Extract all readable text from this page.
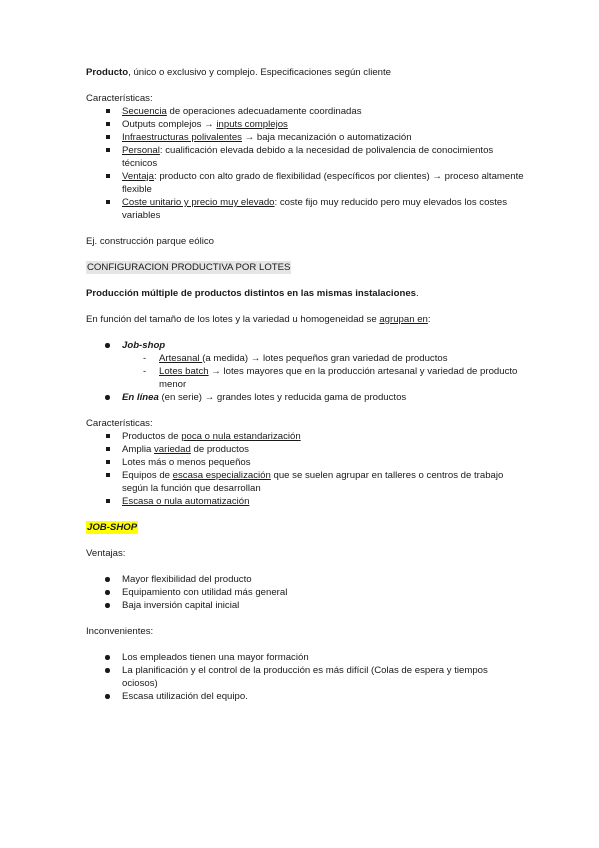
Producto, único o exclusivo y complejo. Especificaciones según cliente

Características:

Secuencia de operaciones adecuadamente coordinadas
Outputs complejos → inputs complejos
Infraestructuras polivalentes → baja mecanización o automatización
Personal: cualificación elevada debido a la necesidad de polivalencia de conocimientos técnicos
Ventaja: producto con alto grado de flexibilidad (específicos por clientes) → proceso altamente flexible
Coste unitario y precio muy elevado: coste fijo muy reducido pero muy elevados los costes variables

Ej. construcción parque eólico

CONFIGURACION PRODUCTIVA POR LOTES

Producción múltiple de productos distintos en las mismas instalaciones.

En función del tamaño de los lotes y la variedad u homogeneidad se agrupan en:

Job-shop
- Artesanal (a medida) → lotes pequeños gran variedad de productos
- Lotes batch → lotes mayores que en la producción artesanal y variedad de producto menor
En línea (en serie) → grandes lotes y reducida gama de productos

Características:

Productos de poca o nula estandarización
Amplia variedad de productos
Lotes más o menos pequeños
Equipos de escasa especialización que se suelen agrupar en talleres o centros de trabajo según la función que desarrollan
Escasa o nula automatización

JOB-SHOP

Ventajas:

Mayor flexibilidad del producto
Equipamiento con utilidad más general
Baja inversión capital inicial

Inconvenientes:

Los empleados tienen una mayor formación
La planificación y el control de la producción es más difícil (Colas de espera y tiempos ociosos)
Escasa utilización del equipo.
